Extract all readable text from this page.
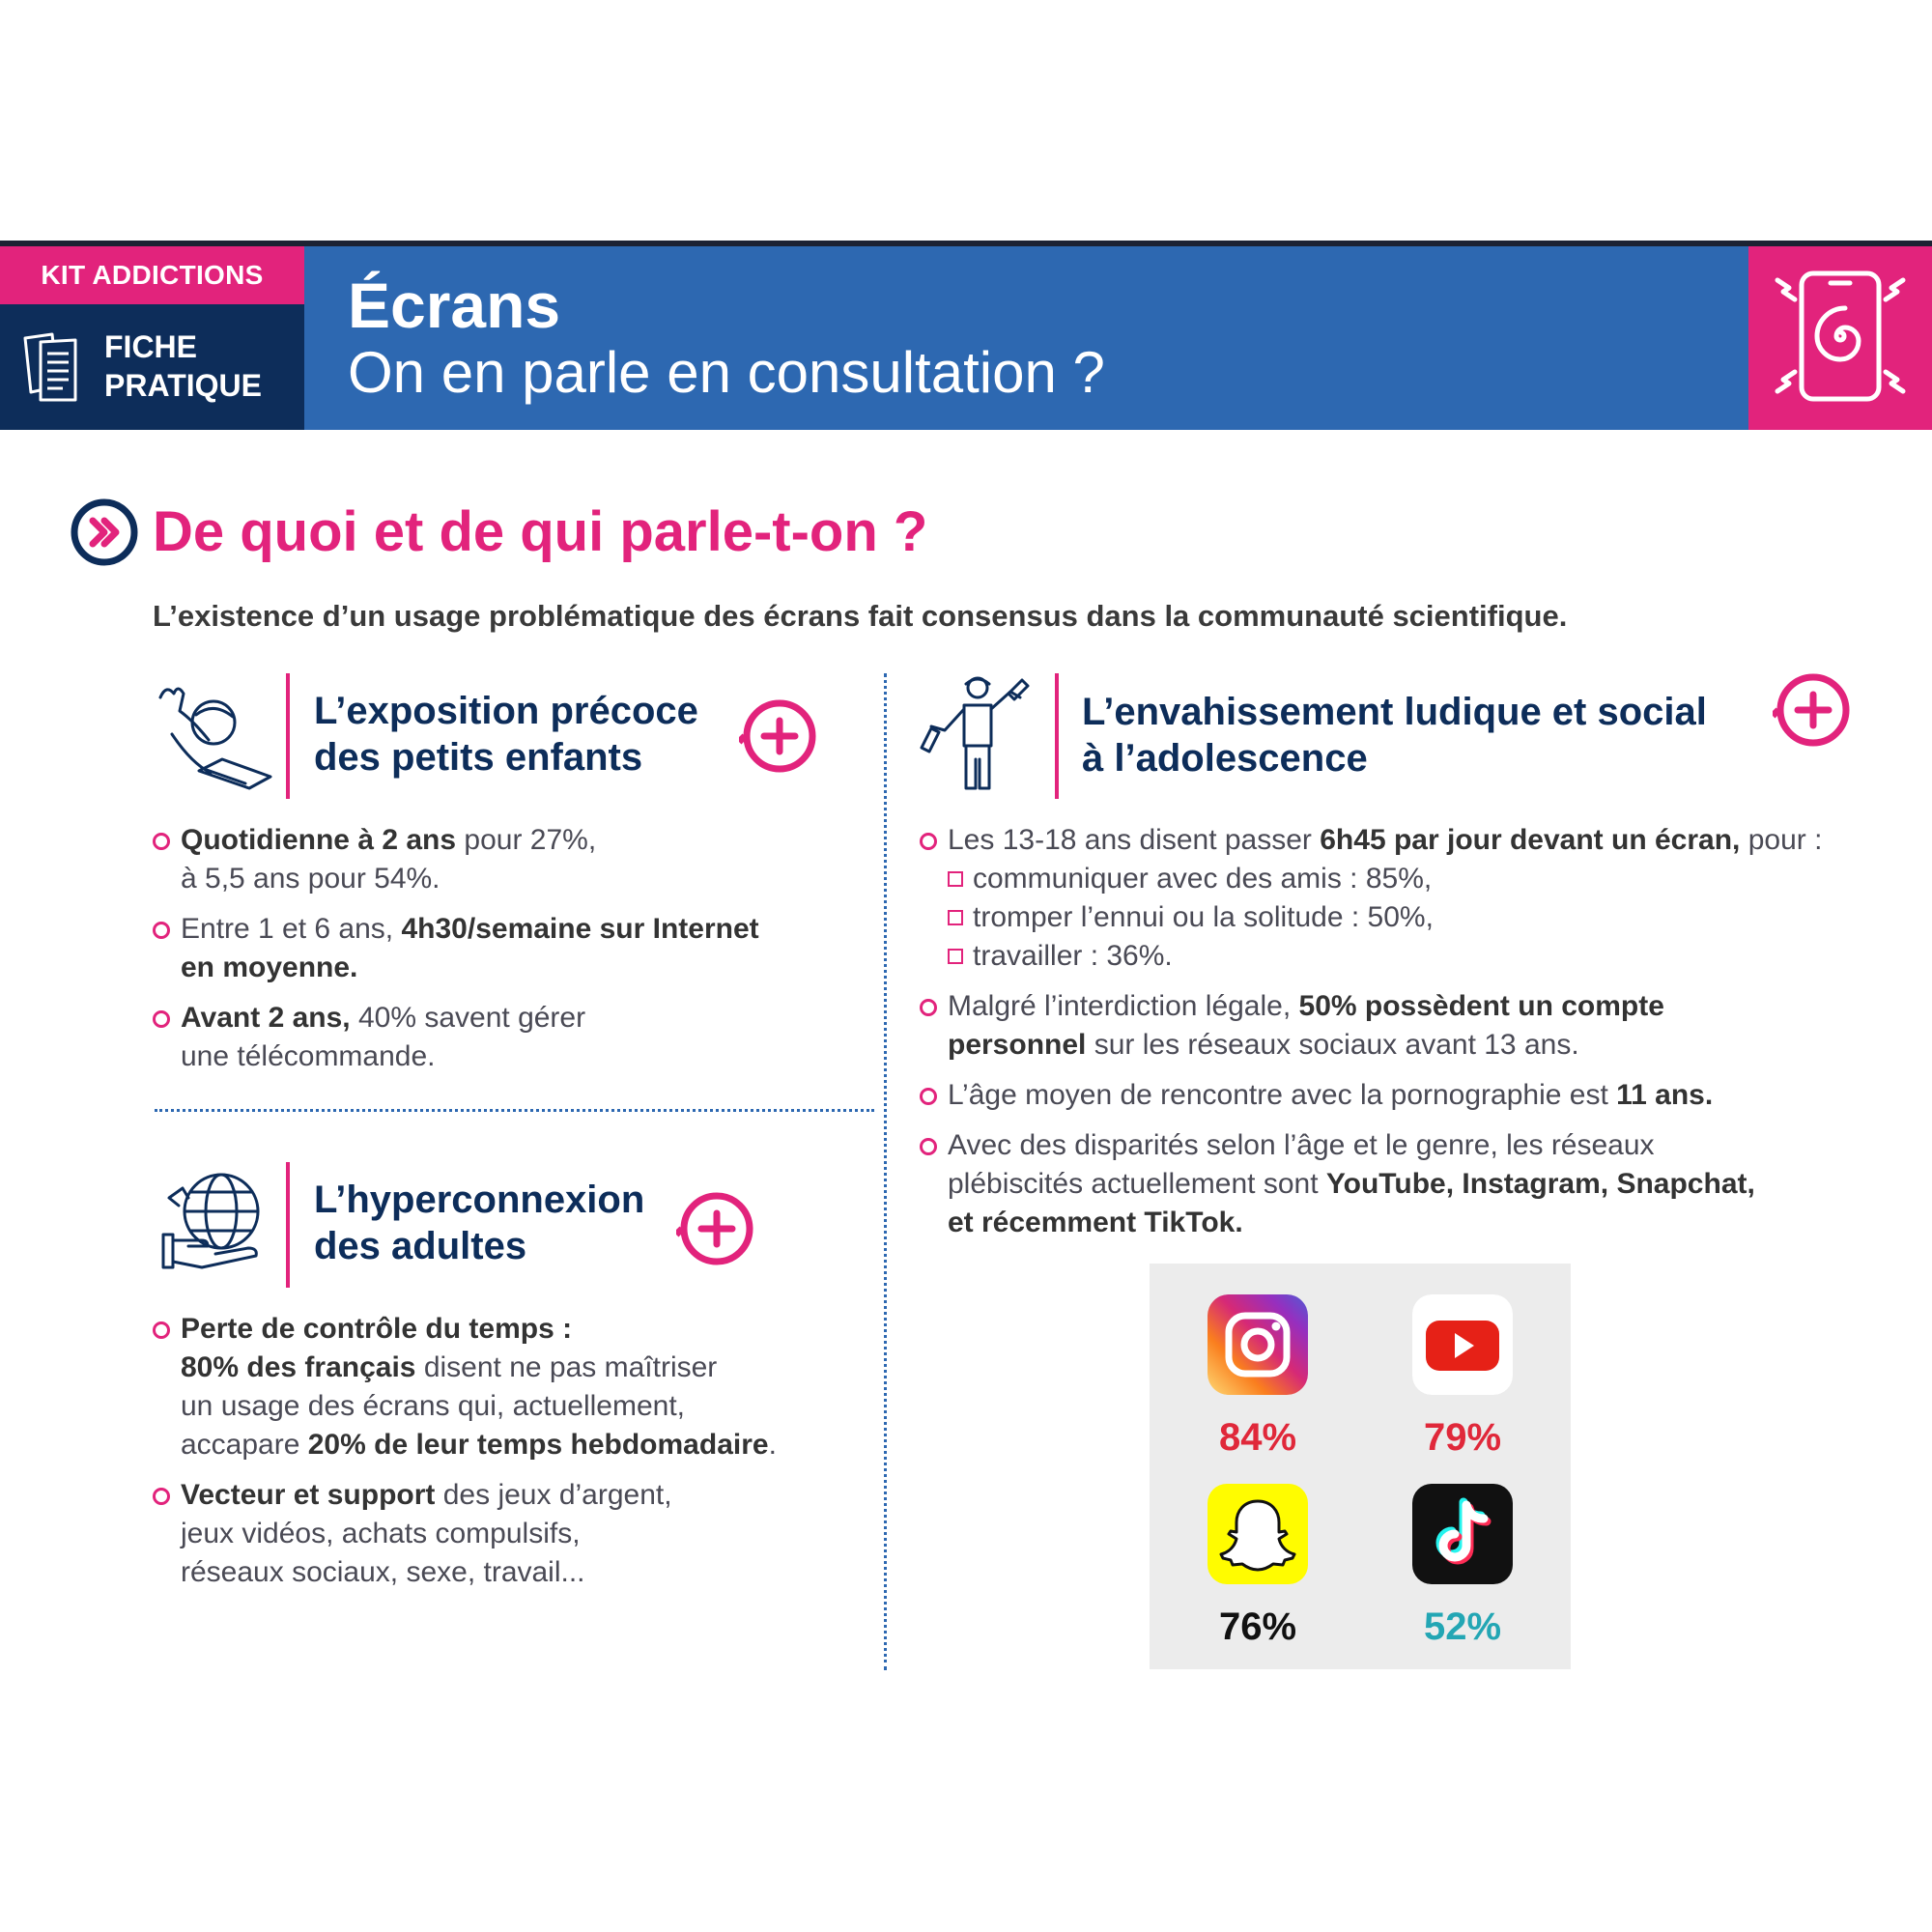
KIT ADDICTIONS
FICHE
PRATIQUE
Écrans
On en parle en consultation ?
De quoi et de qui parle-t-on ?
L’existence d’un usage problématique des écrans fait consensus dans la communauté scientifique.
L’exposition précoce
des petits enfants
Quotidienne à 2 ans pour 27%,
à 5,5 ans pour 54%.
Entre 1 et 6 ans, 4h30/semaine sur Internet
en moyenne.
Avant 2 ans, 40% savent gérer
une télécommande.
L’hyperconnexion
des adultes
Perte de contrôle du temps :
80% des français disent ne pas maîtriser
un usage des écrans qui, actuellement,
accapare 20% de leur temps hebdomadaire.
Vecteur et support des jeux d’argent,
jeux vidéos, achats compulsifs,
réseaux sociaux, sexe, travail...
L’envahissement ludique et social
à l’adolescence
Les 13-18 ans disent passer 6h45 par jour devant un écran, pour :
communiquer avec des amis : 85%,
tromper l’ennui ou la solitude : 50%,
travailler : 36%.
Malgré l’interdiction légale, 50% possèdent un compte
personnel sur les réseaux sociaux avant 13 ans.
L’âge moyen de rencontre avec la pornographie est 11 ans.
Avec des disparités selon l’âge et le genre, les réseaux
plébiscités actuellement sont YouTube, Instagram, Snapchat,
et récemment TikTok.
84%	79%
76%	52%
